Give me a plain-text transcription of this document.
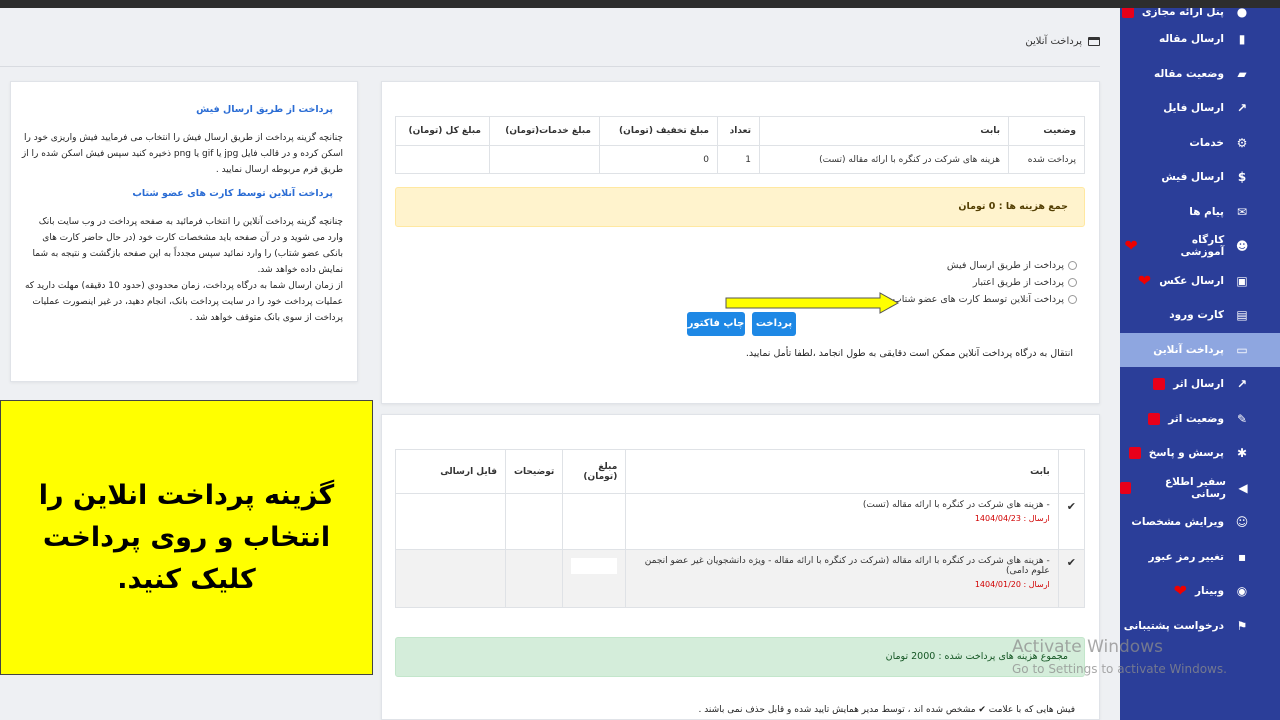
پرداخت آنلاین
پرداخت از طریق ارسال فیش

چنانچه گزینه پرداخت از طریق ارسال فیش را انتخاب می فرمایید فیش واریزی خود را اسکن کرده و در قالب فایل jpg یا gif یا png ذخیره کنید سپس فیش اسکن شده را از طریق فرم مربوطه ارسال نمایید .

پرداخت آنلاین توسط کارت های عضو شتاب

چنانچه گزینه پرداخت آنلاین را انتخاب فرمائید به صفحه پرداخت در وب سایت بانک وارد می شوید و در آن صفحه باید مشخصات کارت خود (در حال حاضر کارت های بانکی عضو شتاب) را وارد نمائید سپس مجدداً به این صفحه بازگشت و نتیجه به شما نمایش داده خواهد شد.

از زمان ارسال شما به درگاه پرداخت، زمان محدودي (حدود 10 دقیقه) مهلت دارید که عملیات پرداخت خود را در سایت پرداخت بانک، انجام دهید، در غیر اینصورت عملیات پرداخت از سوی بانک متوقف خواهد شد .

وضعیت	بابت	تعداد	مبلغ تخفیف (تومان)	مبلغ خدمات(تومان)	مبلغ کل (تومان)
پرداخت شده	هزینه های شرکت در کنگره با ارائه مقاله (تست)	1	0		
جمع هزینه ها : 0 تومان
پرداخت از طریق ارسال فیش
پرداخت از طریق اعتبار
پرداخت آنلاین توسط کارت های عضو شتاب
پرداخت
چاپ فاکتور
انتقال به درگاه پرداخت آنلاین ممکن است دقایقی به طول انجامد ،لطفا تأمل نمایید.
	بابت	مبلغ (تومان)	توضیحات	فایل ارسالی
✔	- هزینه های شرکت در کنگره با ارائه مقاله (تست)
ارسال : 1404/04/23			

✔	- هزینه های شرکت در کنگره با ارائه مقاله (شرکت در کنگره با ارائه مقاله - ویژه دانشجویان غیر عضو انجمن علوم دامی)
ارسال : 1404/01/20			

مجموع هزینه های پرداخت شده : 2000 تومان
فیش هایی که با علامت ✔ مشخص شده اند ، توسط مدیر همایش تایید شده و قابل حذف نمی باشند .
گزینه پرداخت انلاین را انتخاب و روی پرداخت کلیک کنید.
●
پنل ارائه مجازی
▮
ارسال مقاله
▰
وضعیت مقاله
↗
ارسال فایل
⚙
خدمات
$
ارسال فیش
✉
پیام ها
☻
کارگاه آموزشی
❤
▣
ارسال عکس
❤
▤
کارت ورود
▭
پرداخت آنلاین
↗
ارسال اثر
✎
وضعیت اثر
✱
پرسش و پاسخ
◀
سفیر اطلاع رسانی
☺
ویرایش مشخصات
▪
تغییر رمز عبور
◉
وبینار
❤
⚑
درخواست پشتیبانی
Activate Windows
Go to Settings to activate Windows.
